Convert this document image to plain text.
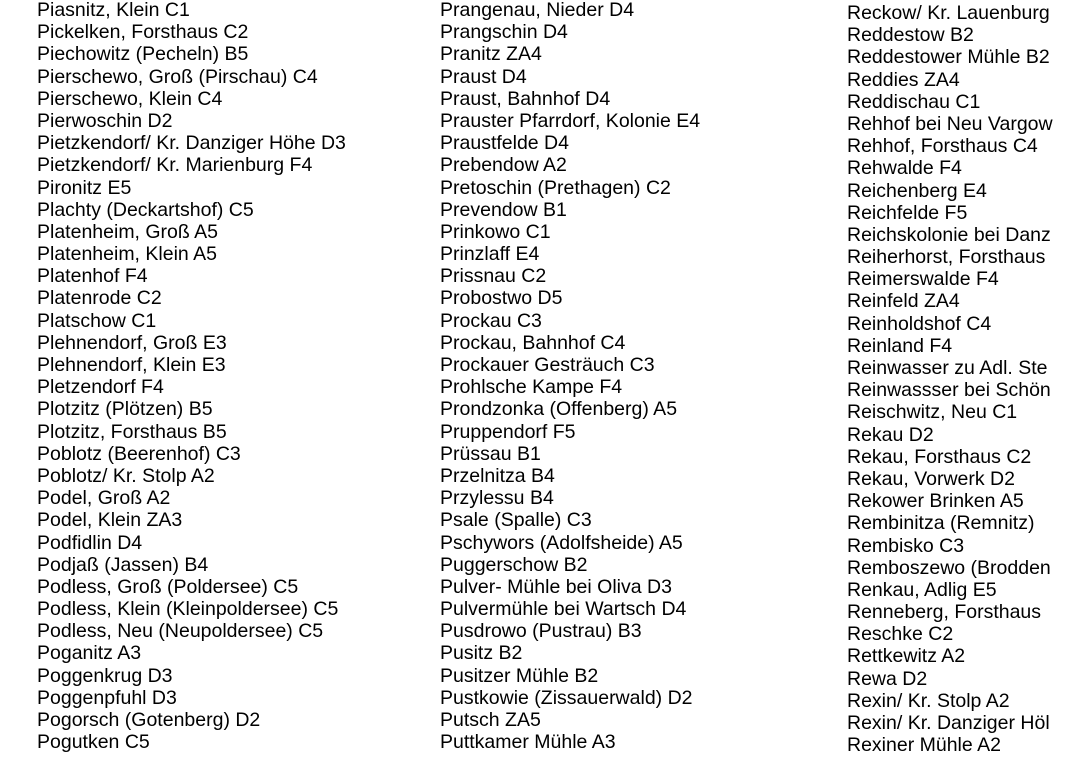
Piasnitz, Klein C1
Pickelken, Forsthaus C2
Piechowitz (Pecheln) B5
Pierschewo, Groß (Pirschau) C4
Pierschewo, Klein C4
Pierwoschin D2
Pietzkendorf/ Kr. Danziger Höhe D3
Pietzkendorf/ Kr. Marienburg F4
Pironitz E5
Plachty (Deckartshof) C5
Platenheim, Groß A5
Platenheim, Klein A5
Platenhof F4
Platenrode C2
Platschow C1
Plehnendorf, Groß E3
Plehnendorf, Klein E3
Pletzendorf F4
Plotzitz (Plötzen) B5
Plotzitz, Forsthaus B5
Poblotz (Beerenhof) C3
Poblotz/ Kr. Stolp A2
Podel, Groß A2
Podel, Klein ZA3
Podfidlin D4
Podjaß (Jassen) B4
Podless, Groß (Poldersee) C5
Podless, Klein (Kleinpoldersee) C5
Podless, Neu (Neupoldersee) C5
Poganitz A3
Poggenkrug D3
Poggenpfuhl D3
Pogorsch (Gotenberg) D2
Pogutken C5
Prangenau, Nieder D4
Prangschin D4
Pranitz ZA4
Praust D4
Praust, Bahnhof D4
Prauster Pfarrdorf, Kolonie E4
Praustfelde D4
Prebendow A2
Pretoschin (Prethagen) C2
Prevendow B1
Prinkowo C1
Prinzlaff E4
Prissnau C2
Probostwo D5
Prockau C3
Prockau, Bahnhof C4
Prockauer Gesträuch C3
Prohlsche Kampe F4
Prondzonka (Offenberg) A5
Pruppendorf F5
Prüssau B1
Przelnitza B4
Przylessu B4
Psale (Spalle) C3
Pschywors (Adolfsheide) A5
Puggerschow B2
Pulver- Mühle bei Oliva D3
Pulvermühle bei Wartsch D4
Pusdrowo (Pustrau) B3
Pusitz B2
Pusitzer Mühle B2
Pustkowie (Zissauerwald) D2
Putsch ZA5
Puttkamer Mühle A3
Reckow/ Kr. Lauenburg
Reddestow B2
Reddestower Mühle B2
Reddies ZA4
Reddischau C1
Rehhof bei Neu Vargow
Rehhof, Forsthaus C4
Rehwalde F4
Reichenberg E4
Reichfelde F5
Reichskolonie bei Danz
Reiherhorst, Forsthaus
Reimerswalde F4
Reinfeld ZA4
Reinholdshof C4
Reinland F4
Reinwasser zu Adl. Ste
Reinwassser bei Schön
Reischwitz, Neu C1
Rekau D2
Rekau, Forsthaus C2
Rekau, Vorwerk D2
Rekower Brinken A5
Rembinitza (Remnitz)
Rembisko C3
Remboszewo (Brodden
Renkau, Adlig E5
Renneberg, Forsthaus
Reschke C2
Rettkewitz A2
Rewa D2
Rexin/ Kr. Stolp A2
Rexin/ Kr. Danziger Höl
Rexiner Mühle A2
